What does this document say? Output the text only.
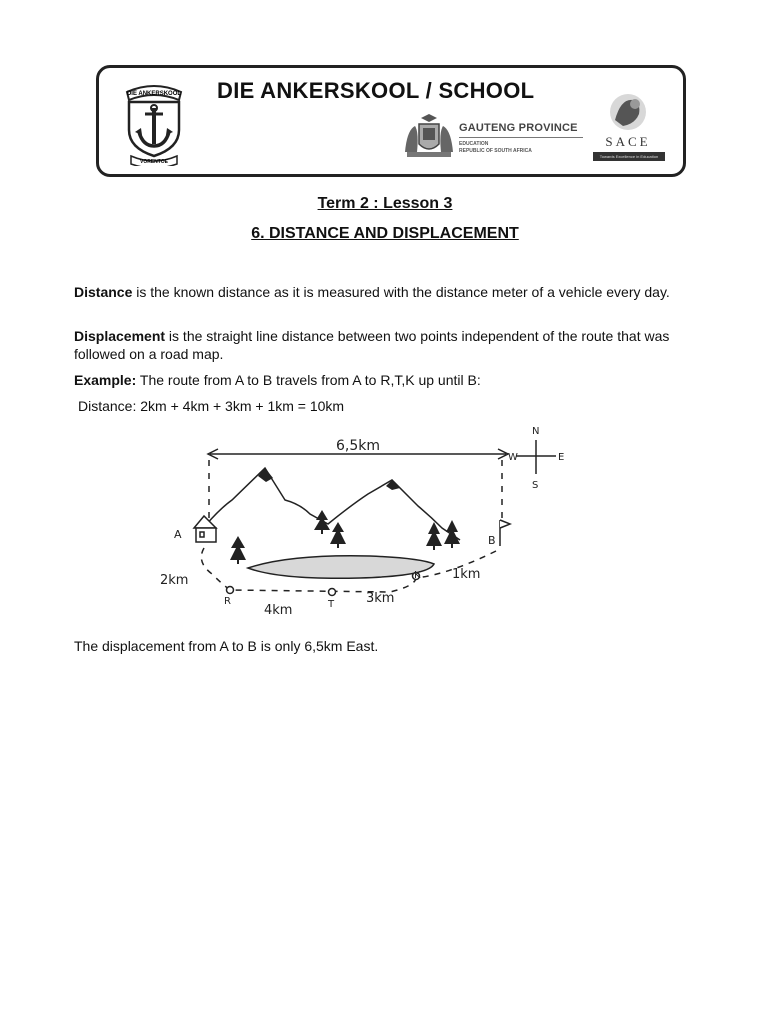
DIE ANKERSKOOL
VORENTOE
DIE ANKERSKOOL / SCHOOL
GAUTENG PROVINCE
EDUCATION
REPUBLIC OF SOUTH AFRICA
SACE
Towards Excellence in Education
Term 2 : Lesson 3
6. DISTANCE AND DISPLACEMENT

Distance is the known distance as it is measured with the distance meter of a vehicle every day.

Displacement is the straight line distance between two points independent of the route that was followed on a road map.

Example: The route from A to B travels from A to R,T,K up until B:

Distance: 2km + 4km + 3km + 1km = 10km

6,5km
N
E
S
W
A	B
R	T
K
2km
4km
3km
1km

The displacement from A to B is only 6,5km East.
